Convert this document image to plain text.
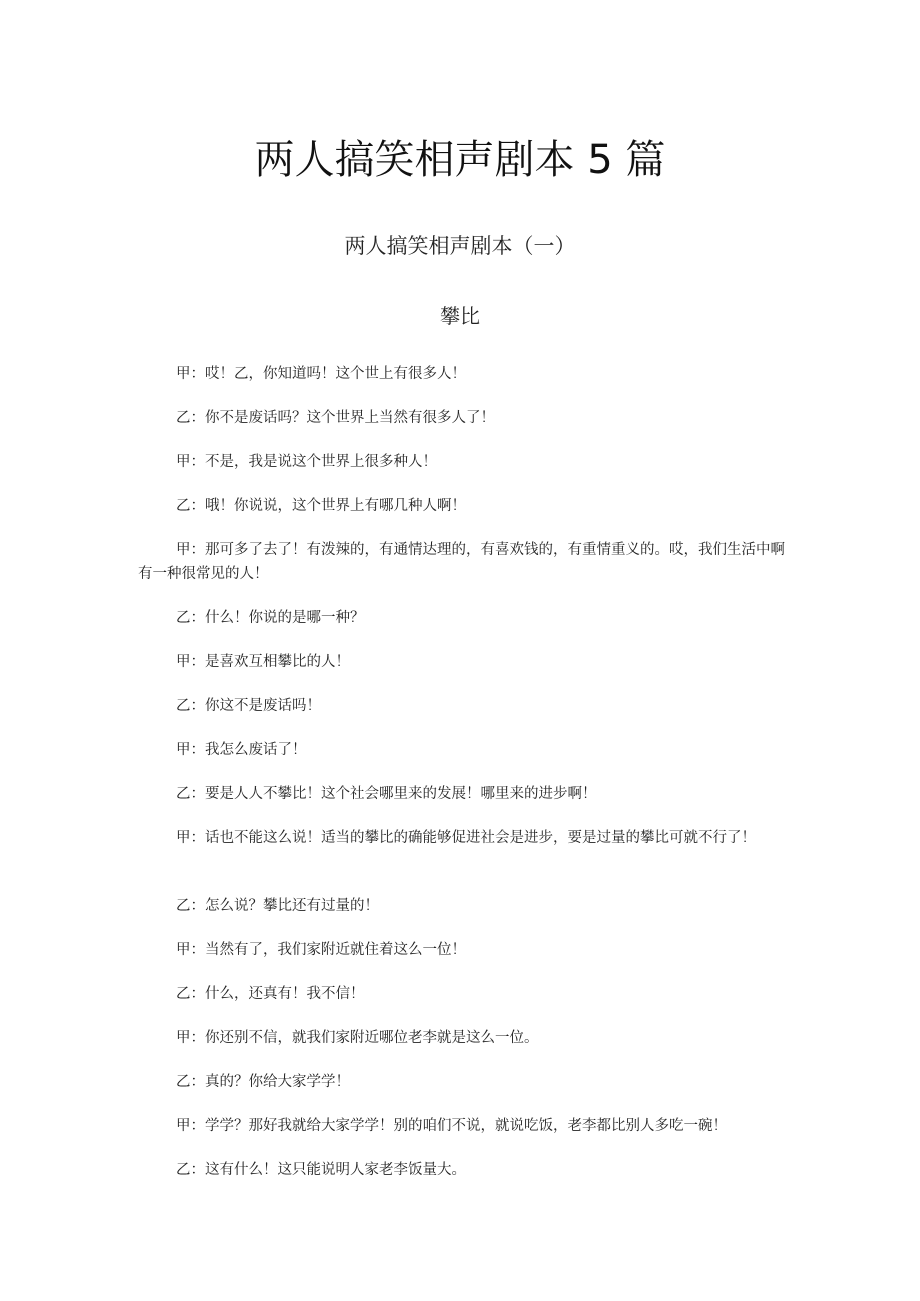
两人搞笑相声剧本 5 篇
两人搞笑相声剧本（一）
攀比

甲：哎！乙，你知道吗！这个世上有很多人！

乙：你不是废话吗？这个世界上当然有很多人了！

甲：不是，我是说这个世界上很多种人！

乙：哦！你说说，这个世界上有哪几种人啊！

甲：那可多了去了！有泼辣的，有通情达理的，有喜欢钱的，有重情重义的。哎，我们生活中啊有一种很常见的人！

乙：什么！你说的是哪一种？

甲：是喜欢互相攀比的人！

乙：你这不是废话吗！

甲：我怎么废话了！

乙：要是人人不攀比！这个社会哪里来的发展！哪里来的进步啊！

甲：话也不能这么说！适当的攀比的确能够促进社会是进步，要是过量的攀比可就不行了！

乙：怎么说？攀比还有过量的！

甲：当然有了，我们家附近就住着这么一位！

乙：什么，还真有！我不信！

甲：你还别不信，就我们家附近哪位老李就是这么一位。

乙：真的？你给大家学学！

甲：学学？那好我就给大家学学！别的咱们不说，就说吃饭，老李都比别人多吃一碗！

乙：这有什么！这只能说明人家老李饭量大。
